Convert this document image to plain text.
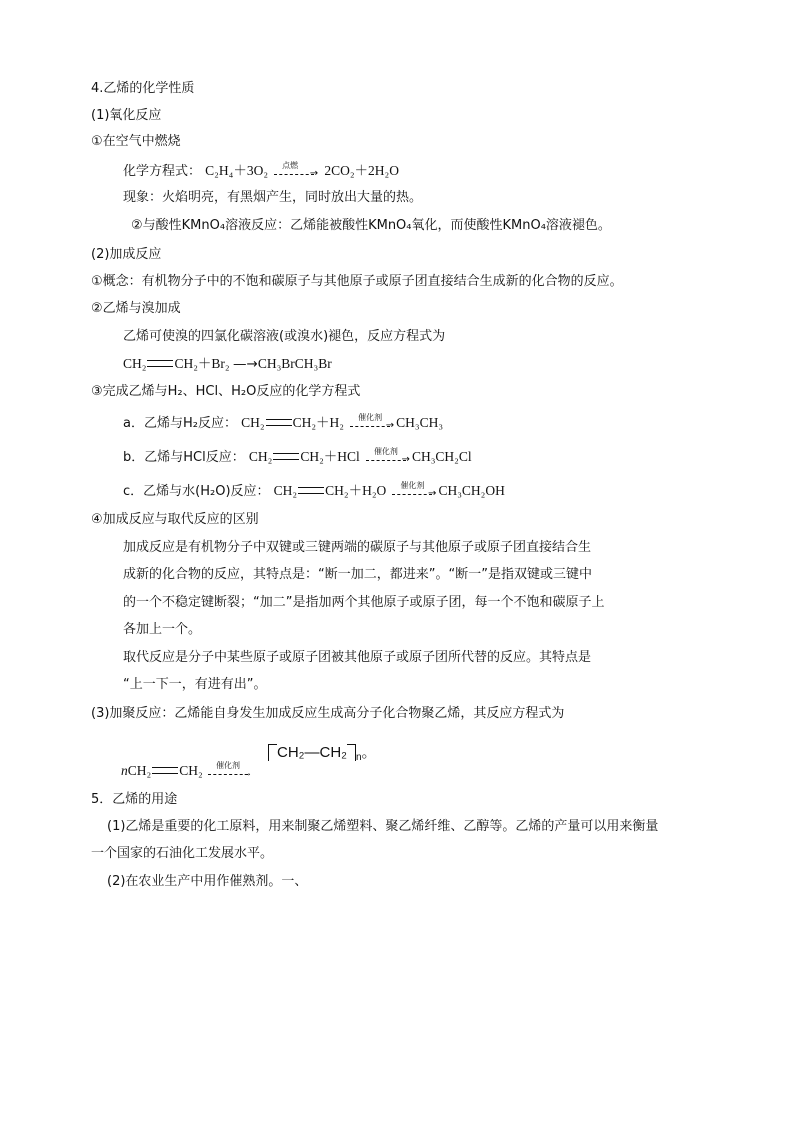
4.乙烯的化学性质
(1)氧化反应
①在空气中燃烧
化学方程式： C₂H₄＋3O₂ 点燃
→ 2CO₂＋2H₂O
现象：火焰明亮，有黑烟产生，同时放出大量的热。
②与酸性KMnO₄溶液反应：乙烯能被酸性KMnO₄氧化，而使酸性KMnO₄溶液褪色。
(2)加成反应
①概念：有机物分子中的不饱和碳原子与其他原子或原子团直接结合生成新的化合物的反应。
②乙烯与溴加成
乙烯可使溴的四氯化碳溶液(或溴水)褪色，反应方程式为
CH₂ CH₂＋Br₂ —→CH₃BrCH₃Br
③完成乙烯与H₂、HCl、H₂O反应的化学方程式
a．乙烯与H₂反应： CH₂ CH₂＋H₂ 催化剂
→ CH₃CH₃
b．乙烯与HCl反应： CH₂ CH₂＋HCl 催化剂
→ CH₃CH₂Cl
c．乙烯与水(H₂O)反应： CH₂ CH₂＋H₂O 催化剂
→ CH₃CH₂OH
④加成反应与取代反应的区别
加成反应是有机物分子中双键或三键两端的碳原子与其他原子或原子团直接结合生
成新的化合物的反应，其特点是：“断一加二，都进来”。“断一”是指双键或三键中
的一个不稳定键断裂；“加二”是指加两个其他原子或原子团，每一个不饱和碳原子上
各加上一个。
取代反应是分子中某些原子或原子团被其他原子或原子团所代替的反应。其特点是
“上一下一，有进有出”。
(3)加聚反应：乙烯能自身发生加成反应生成高分子化合物聚乙烯，其反应方程式为
nCH₂ CH₂ 催化剂
→
CH₂—CH₂ $_n$。
5．乙烯的用途
(1)乙烯是重要的化工原料，用来制聚乙烯塑料、聚乙烯纤维、乙醇等。乙烯的产量可以用来衡量
一个国家的石油化工发展水平。
(2)在农业生产中用作催熟剂。一、
